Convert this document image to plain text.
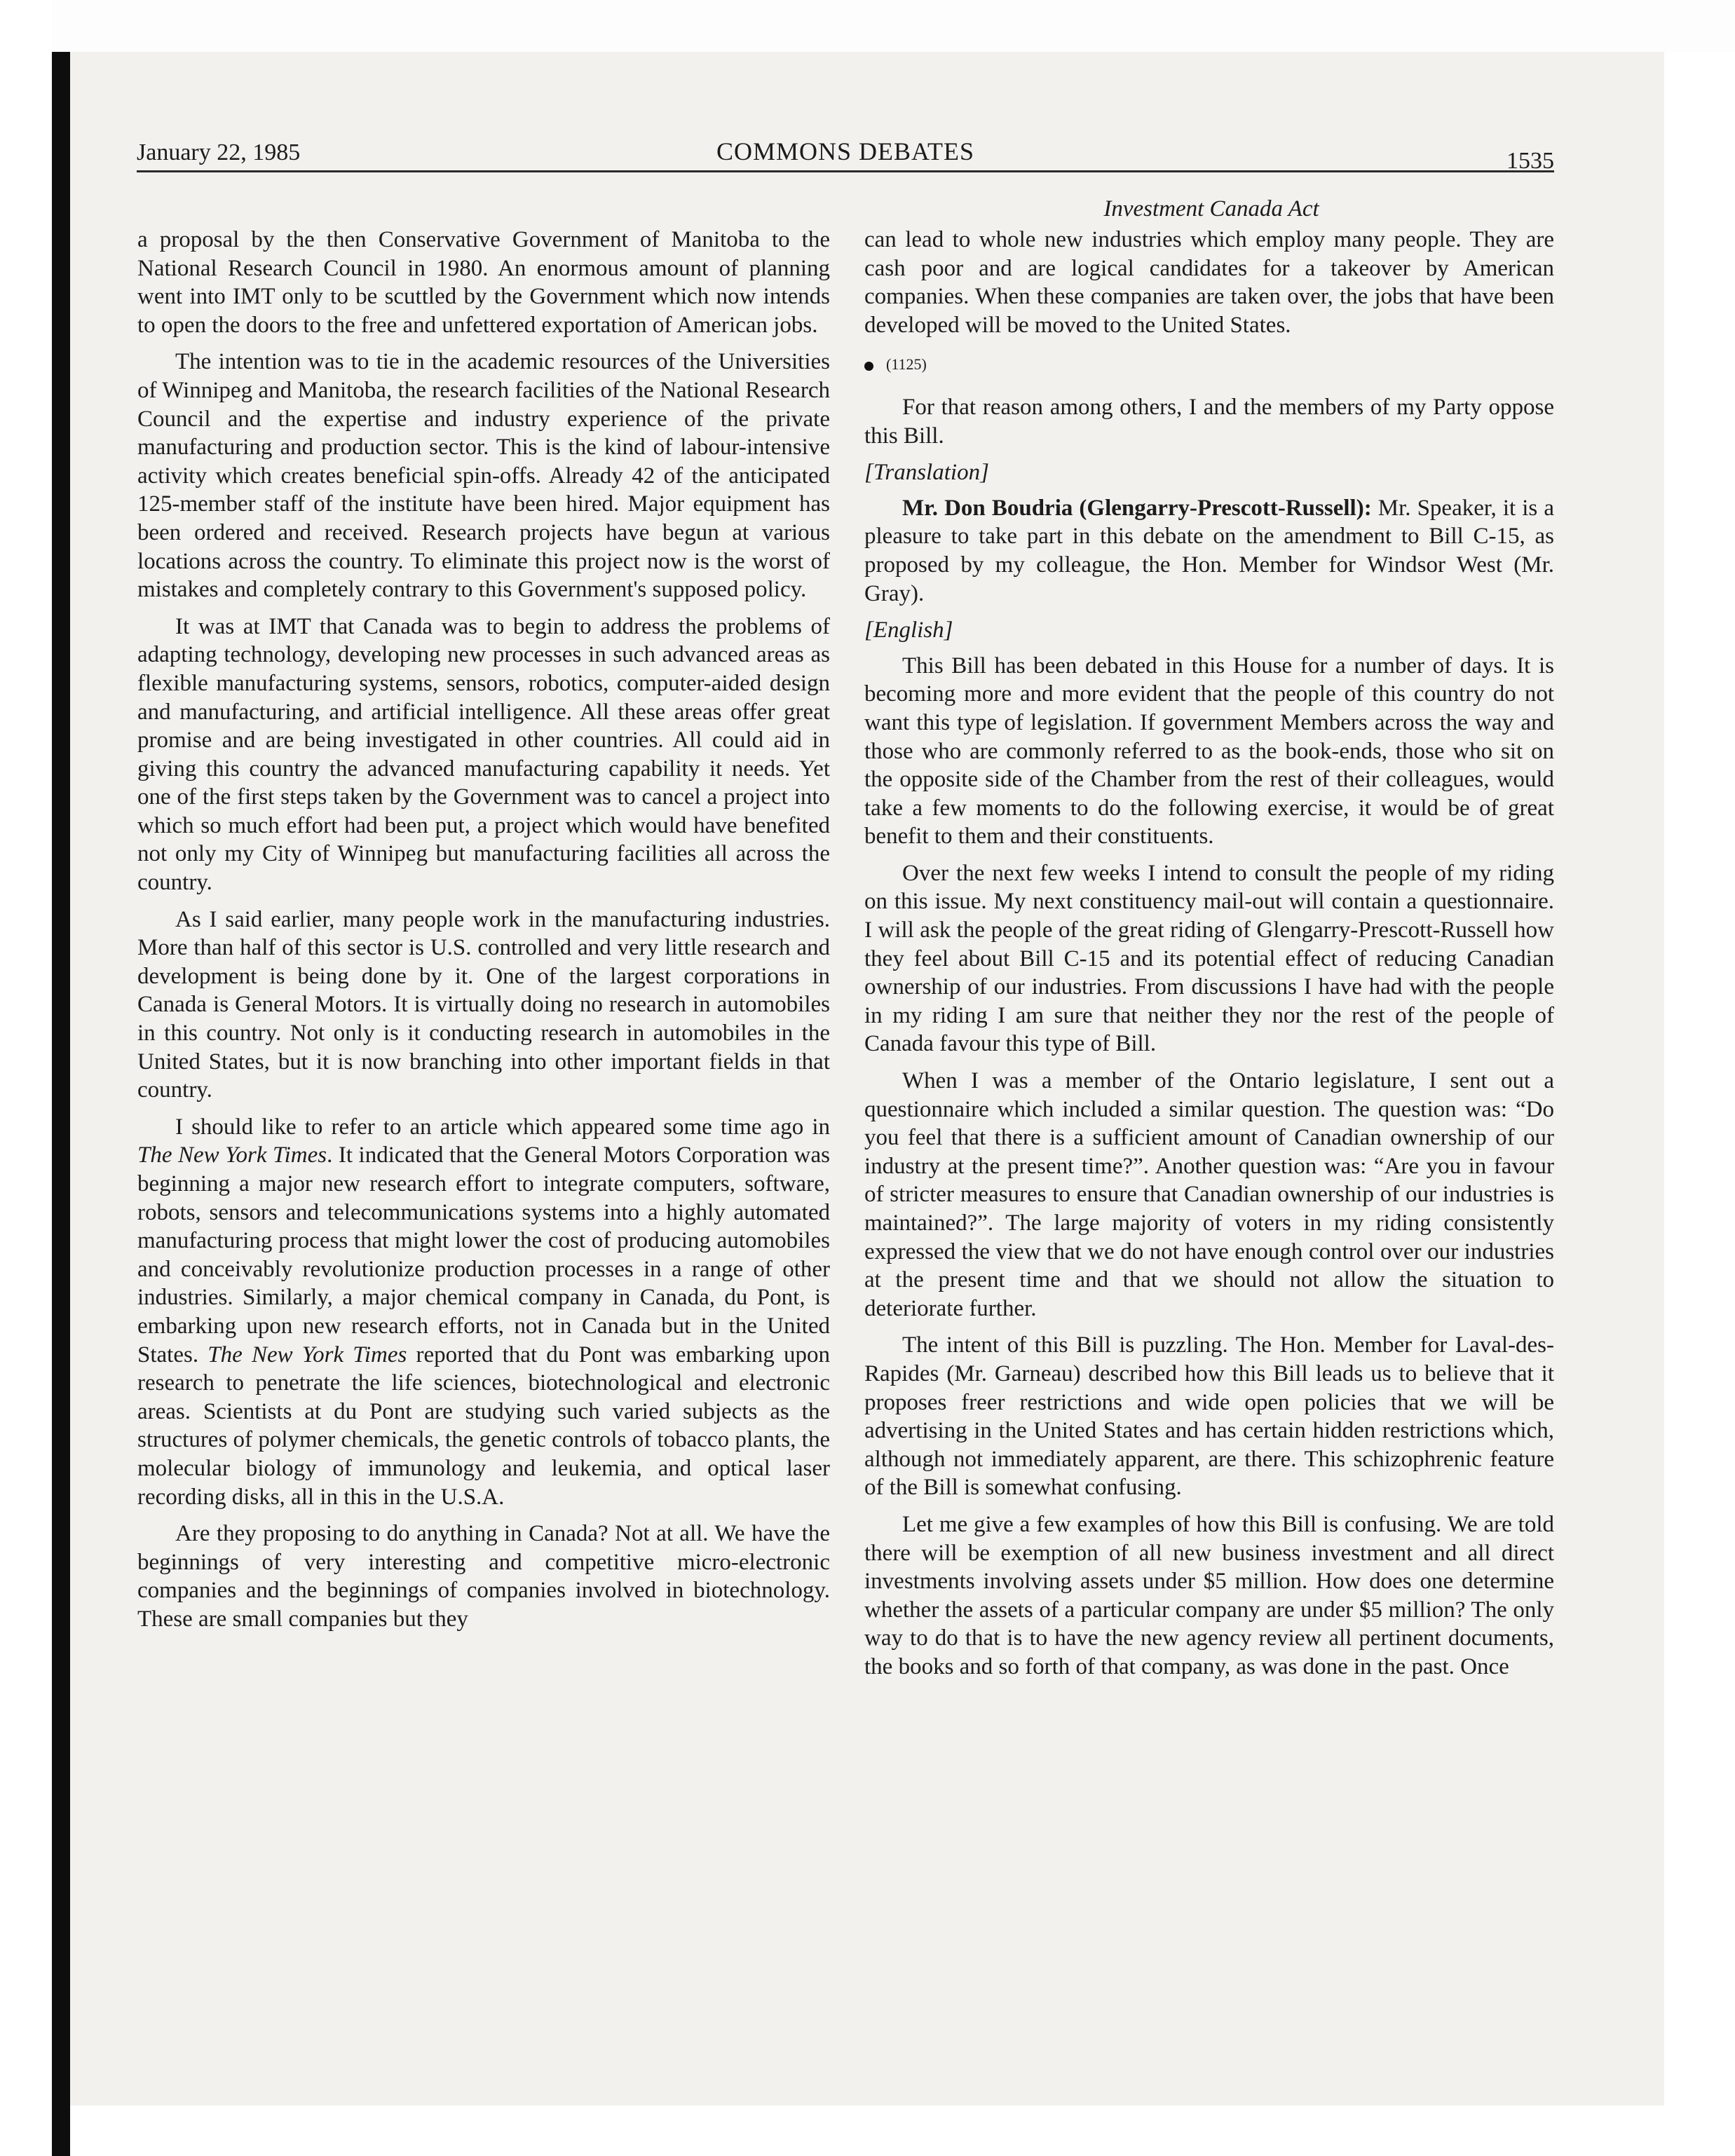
January 22, 1985	COMMONS DEBATES	1535
Investment Canada Act

a proposal by the then Conservative Government of Manitoba to the National Research Council in 1980. An enormous amount of planning went into IMT only to be scuttled by the Government which now intends to open the doors to the free and unfettered exportation of American jobs.

The intention was to tie in the academic resources of the Universities of Winnipeg and Manitoba, the research facilities of the National Research Council and the expertise and industry experience of the private manufacturing and production sector. This is the kind of labour-intensive activity which creates beneficial spin-offs. Already 42 of the anticipated 125-member staff of the institute have been hired. Major equipment has been ordered and received. Research projects have begun at various locations across the country. To eliminate this project now is the worst of mistakes and completely contrary to this Government's supposed policy.

It was at IMT that Canada was to begin to address the problems of adapting technology, developing new processes in such advanced areas as flexible manufacturing systems, sensors, robotics, computer-aided design and manufacturing, and artificial intelligence. All these areas offer great promise and are being investigated in other countries. All could aid in giving this country the advanced manufacturing capability it needs. Yet one of the first steps taken by the Government was to cancel a project into which so much effort had been put, a project which would have benefited not only my City of Winnipeg but manufacturing facilities all across the country.

As I said earlier, many people work in the manufacturing industries. More than half of this sector is U.S. controlled and very little research and development is being done by it. One of the largest corporations in Canada is General Motors. It is virtually doing no research in automobiles in this country. Not only is it conducting research in automobiles in the United States, but it is now branching into other important fields in that country.

I should like to refer to an article which appeared some time ago in The New York Times. It indicated that the General Motors Corporation was beginning a major new research effort to integrate computers, software, robots, sensors and telecommunications systems into a highly automated manufacturing process that might lower the cost of producing automobiles and conceivably revolutionize production processes in a range of other industries. Similarly, a major chemical company in Canada, du Pont, is embarking upon new research efforts, not in Canada but in the United States. The New York Times reported that du Pont was embarking upon research to penetrate the life sciences, biotechnological and electronic areas. Scientists at du Pont are studying such varied subjects as the structures of polymer chemicals, the genetic controls of tobacco plants, the molecular biology of immunology and leukemia, and optical laser recording disks, all in this in the U.S.A.

Are they proposing to do anything in Canada? Not at all. We have the beginnings of very interesting and competitive micro-electronic companies and the beginnings of companies involved in biotechnology. These are small companies but they

can lead to whole new industries which employ many people. They are cash poor and are logical candidates for a takeover by American companies. When these companies are taken over, the jobs that have been developed will be moved to the United States.

(1125)

For that reason among others, I and the members of my Party oppose this Bill.

[Translation]

Mr. Don Boudria (Glengarry-Prescott-Russell): Mr. Speaker, it is a pleasure to take part in this debate on the amendment to Bill C-15, as proposed by my colleague, the Hon. Member for Windsor West (Mr. Gray).

[English]

This Bill has been debated in this House for a number of days. It is becoming more and more evident that the people of this country do not want this type of legislation. If government Members across the way and those who are commonly referred to as the book-ends, those who sit on the opposite side of the Chamber from the rest of their colleagues, would take a few moments to do the following exercise, it would be of great benefit to them and their constituents.

Over the next few weeks I intend to consult the people of my riding on this issue. My next constituency mail-out will contain a questionnaire. I will ask the people of the great riding of Glengarry-Prescott-Russell how they feel about Bill C-15 and its potential effect of reducing Canadian ownership of our industries. From discussions I have had with the people in my riding I am sure that neither they nor the rest of the people of Canada favour this type of Bill.

When I was a member of the Ontario legislature, I sent out a questionnaire which included a similar question. The question was: “Do you feel that there is a sufficient amount of Canadian ownership of our industry at the present time?”. Another question was: “Are you in favour of stricter measures to ensure that Canadian ownership of our industries is maintained?”. The large majority of voters in my riding consistently expressed the view that we do not have enough control over our industries at the present time and that we should not allow the situation to deteriorate further.

The intent of this Bill is puzzling. The Hon. Member for Laval-des-Rapides (Mr. Garneau) described how this Bill leads us to believe that it proposes freer restrictions and wide open policies that we will be advertising in the United States and has certain hidden restrictions which, although not immediately apparent, are there. This schizophrenic feature of the Bill is somewhat confusing.

Let me give a few examples of how this Bill is confusing. We are told there will be exemption of all new business investment and all direct investments involving assets under $5 million. How does one determine whether the assets of a particular company are under $5 million? The only way to do that is to have the new agency review all pertinent documents, the books and so forth of that company, as was done in the past. Once
